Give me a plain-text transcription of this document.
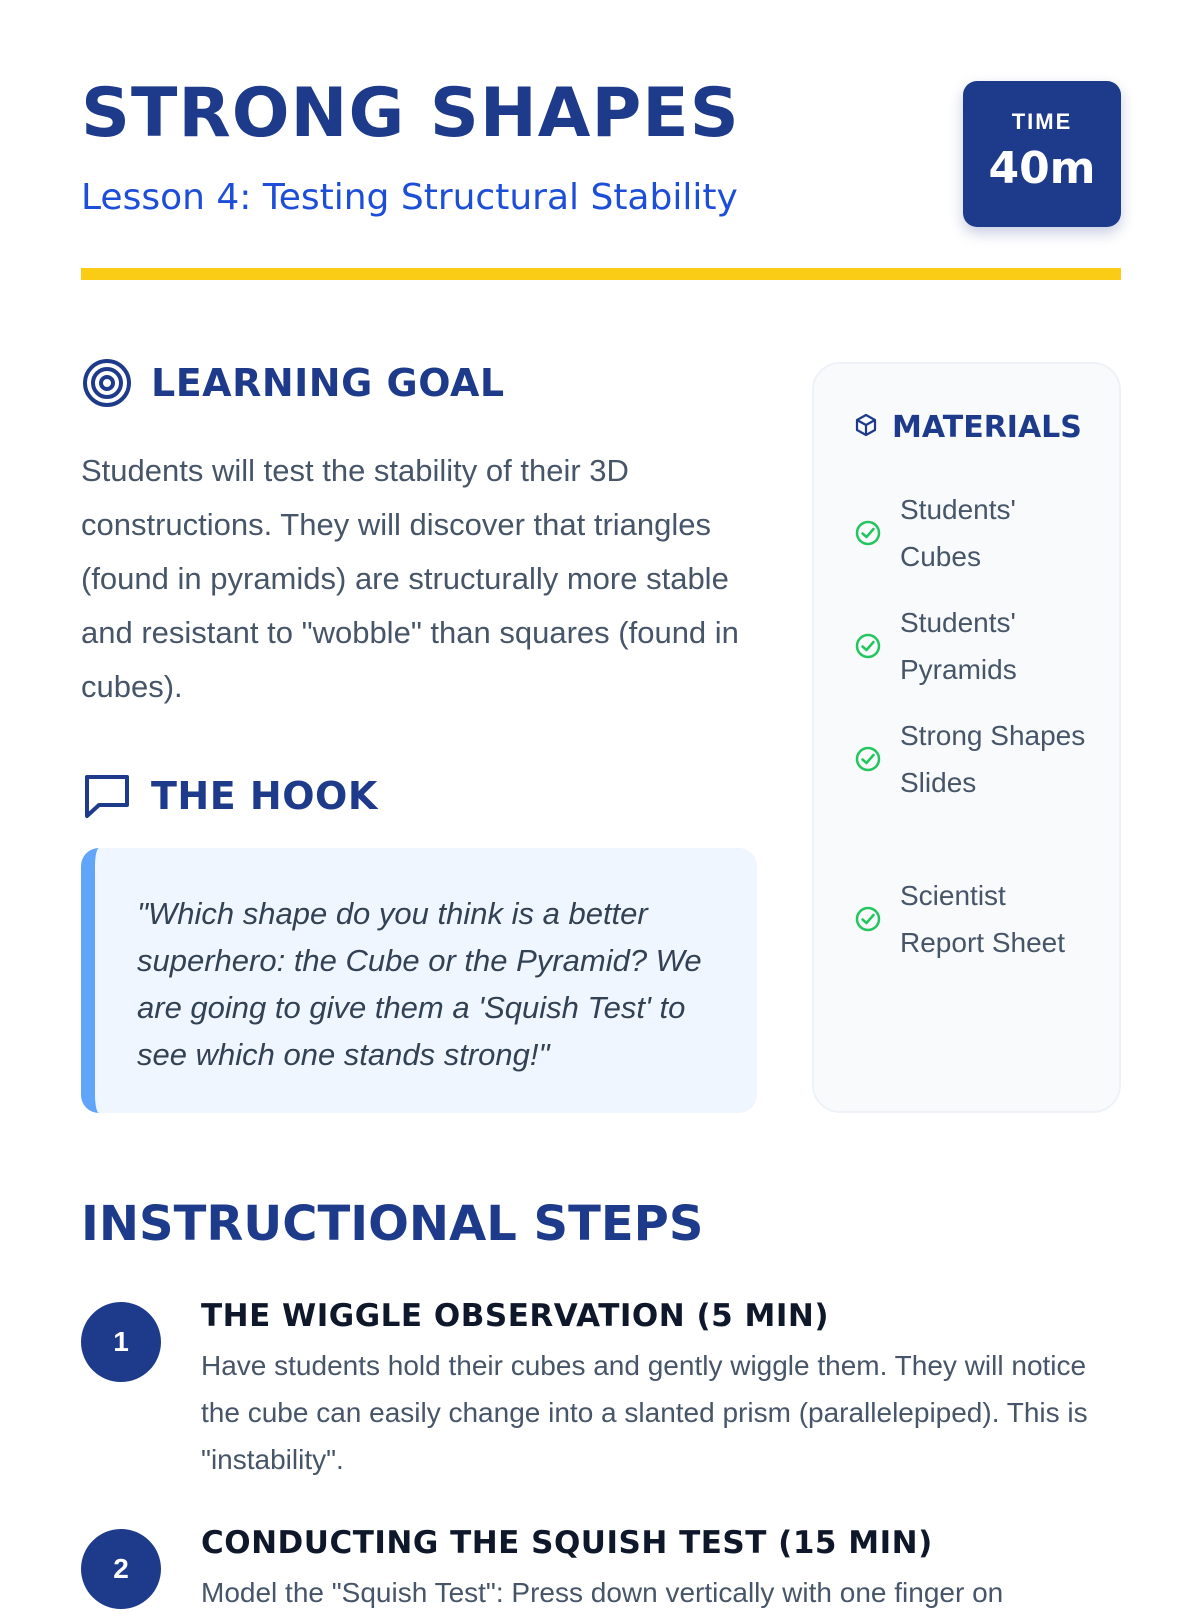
STRONG SHAPES
Lesson 4: Testing Structural Stability
TIME
40m
LEARNING GOAL

Students will test the stability of their 3D constructions. They will discover that triangles (found in pyramids) are structurally more stable and resistant to "wobble" than squares (found in cubes).

THE HOOK

"Which shape do you think is a better superhero: the Cube or the Pyramid? We are going to give them a 'Squish Test' to see which one stands strong!"

MATERIALS
Students' Cubes
Students' Pyramids
Strong Shapes Slides
Scientist Report Sheet
INSTRUCTIONAL STEPS
1
THE WIGGLE OBSERVATION (5 MIN)

Have students hold their cubes and gently wiggle them. They will notice the cube can easily change into a slanted prism (parallelepiped). This is "instability".

2
CONDUCTING THE SQUISH TEST (15 MIN)

Model the "Squish Test": Press down vertically with one finger on
